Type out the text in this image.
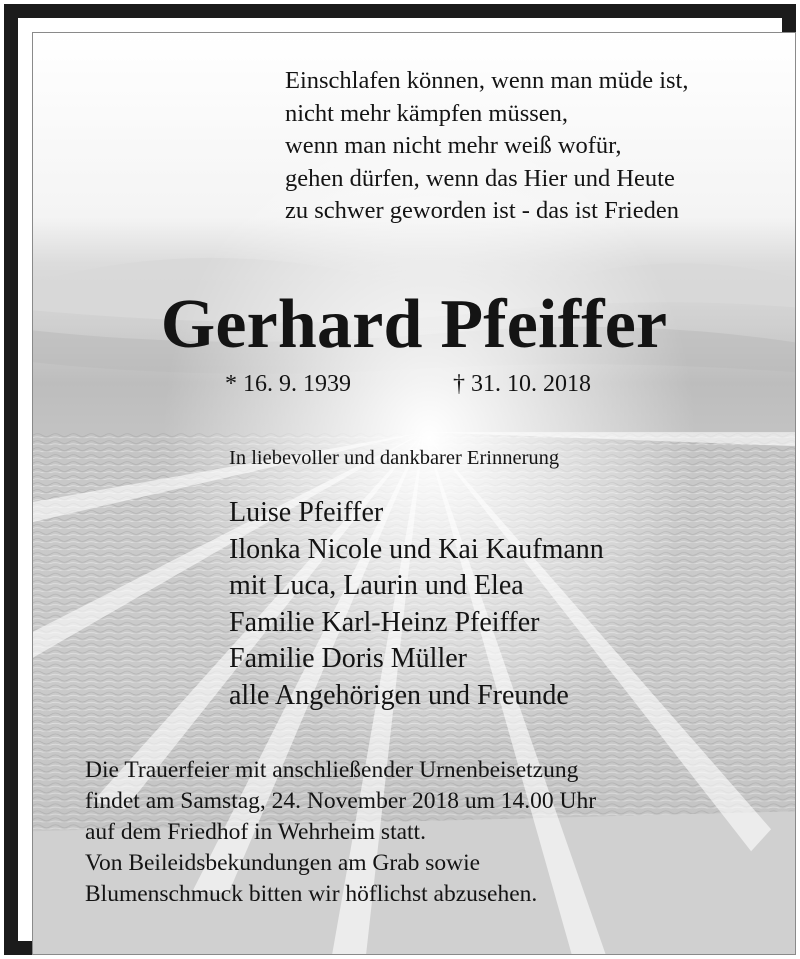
Einschlafen können, wenn man müde ist,
nicht mehr kämpfen müssen,
wenn man nicht mehr weiß wofür,
gehen dürfen, wenn das Hier und Heute
zu schwer geworden ist - das ist Frieden
Gerhard Pfeiffer
* 16. 9. 1939	† 31. 10. 2018
In liebevoller und dankbarer Erinnerung
Luise Pfeiffer
Ilonka Nicole und Kai Kaufmann
mit Luca, Laurin und Elea
Familie Karl-Heinz Pfeiffer
Familie Doris Müller
alle Angehörigen und Freunde
Die Trauerfeier mit anschließender Urnenbeisetzung
findet am Samstag, 24. November 2018 um 14.00 Uhr
auf dem Friedhof in Wehrheim statt.
Von Beileidsbekundungen am Grab sowie
Blumenschmuck bitten wir höflichst abzusehen.
